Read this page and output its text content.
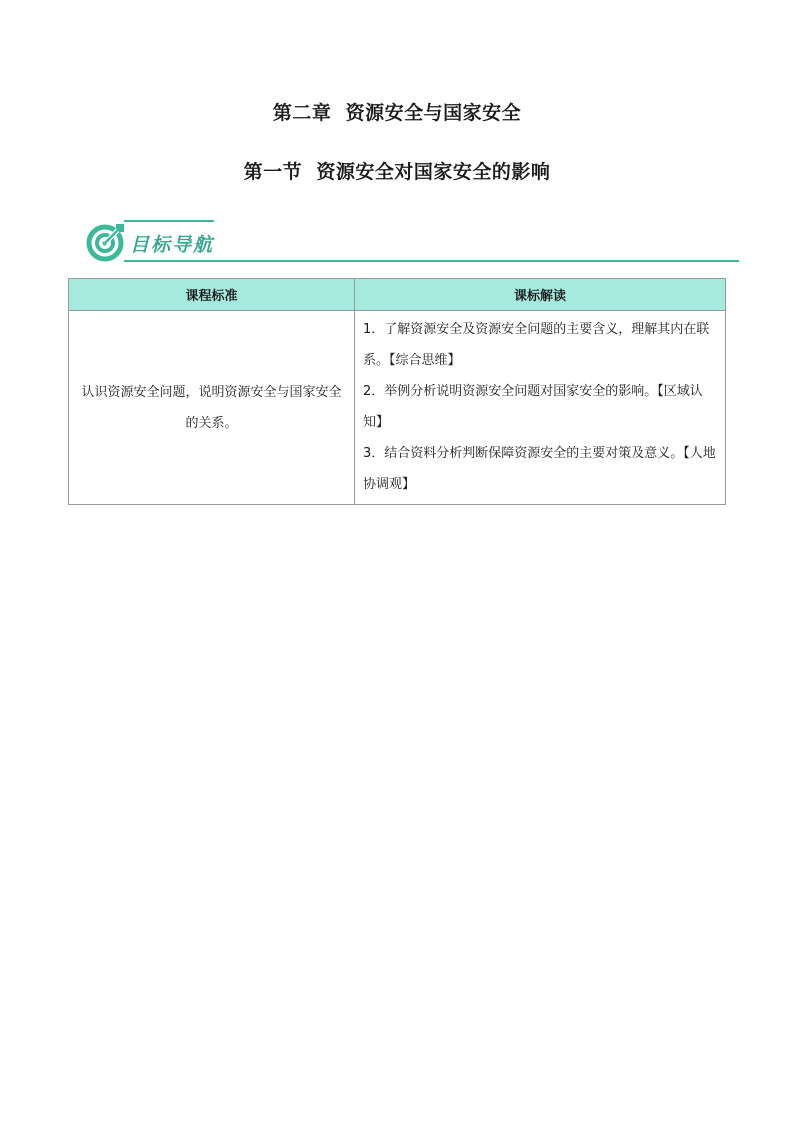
第二章  资源安全与国家安全
第一节  资源安全对国家安全的影响
目标导航
课程标准	课标解读
认识资源安全问题，说明资源安全与国家安全的关系。	1．了解资源安全及资源安全问题的主要含义，理解其内在联系。【综合思维】
2．举例分析说明资源安全问题对国家安全的影响。【区域认知】
3．结合资料分析判断保障资源安全的主要对策及意义。【人地协调观】
